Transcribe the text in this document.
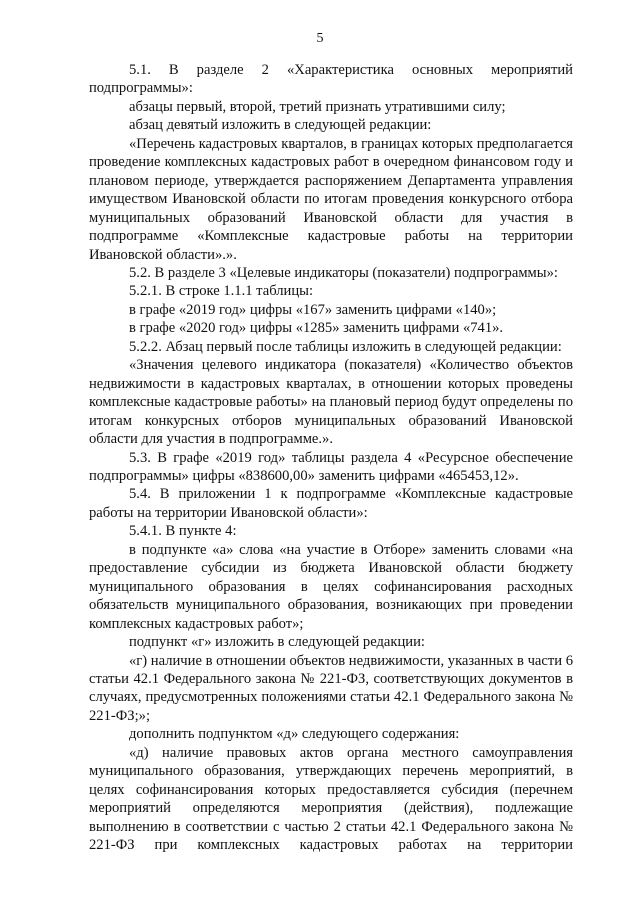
5

5.1. В разделе 2 «Характеристика основных мероприятий подпрограммы»:

абзацы первый, второй, третий признать утратившими силу;

абзац девятый изложить в следующей редакции:

«Перечень кадастровых кварталов, в границах которых предполагается проведение комплексных кадастровых работ в очередном финансовом году и плановом периоде, утверждается распоряжением Департамента управления имуществом Ивановской области по итогам проведения конкурсного отбора муниципальных образований Ивановской области для участия в подпрограмме «Комплексные кадастровые работы на территории Ивановской области».».

5.2. В разделе 3 «Целевые индикаторы (показатели) подпрограммы»:

5.2.1. В строке 1.1.1 таблицы:

в графе «2019 год» цифры «167» заменить цифрами «140»;

в графе «2020 год» цифры «1285» заменить цифрами «741».

5.2.2. Абзац первый после таблицы изложить в следующей редакции:

«Значения целевого индикатора (показателя) «Количество объектов недвижимости в кадастровых кварталах, в отношении которых проведены комплексные кадастровые работы» на плановый период будут определены по итогам конкурсных отборов муниципальных образований Ивановской области для участия в подпрограмме.».

5.3. В графе «2019 год» таблицы раздела 4 «Ресурсное обеспечение подпрограммы» цифры «838600,00» заменить цифрами «465453,12».

5.4. В приложении 1 к подпрограмме «Комплексные кадастровые работы на территории Ивановской области»:

5.4.1. В пункте 4:

в подпункте «а» слова «на участие в Отборе» заменить словами «на предоставление субсидии из бюджета Ивановской области бюджету муниципального образования в целях софинансирования расходных обязательств муниципального образования, возникающих при проведении комплексных кадастровых работ»;

подпункт «г» изложить в следующей редакции:

«г) наличие в отношении объектов недвижимости, указанных в части 6 статьи 42.1 Федерального закона № 221-ФЗ, соответствующих документов в случаях, предусмотренных положениями статьи 42.1 Федерального закона № 221-ФЗ;»;

дополнить подпунктом «д» следующего содержания:

«д) наличие правовых актов органа местного самоуправления муниципального образования, утверждающих перечень мероприятий, в целях софинансирования которых предоставляется субсидия (перечнем мероприятий определяются мероприятия (действия), подлежащие выполнению в соответствии с частью 2 статьи 42.1 Федерального закона № 221-ФЗ при комплексных кадастровых работах на территории
